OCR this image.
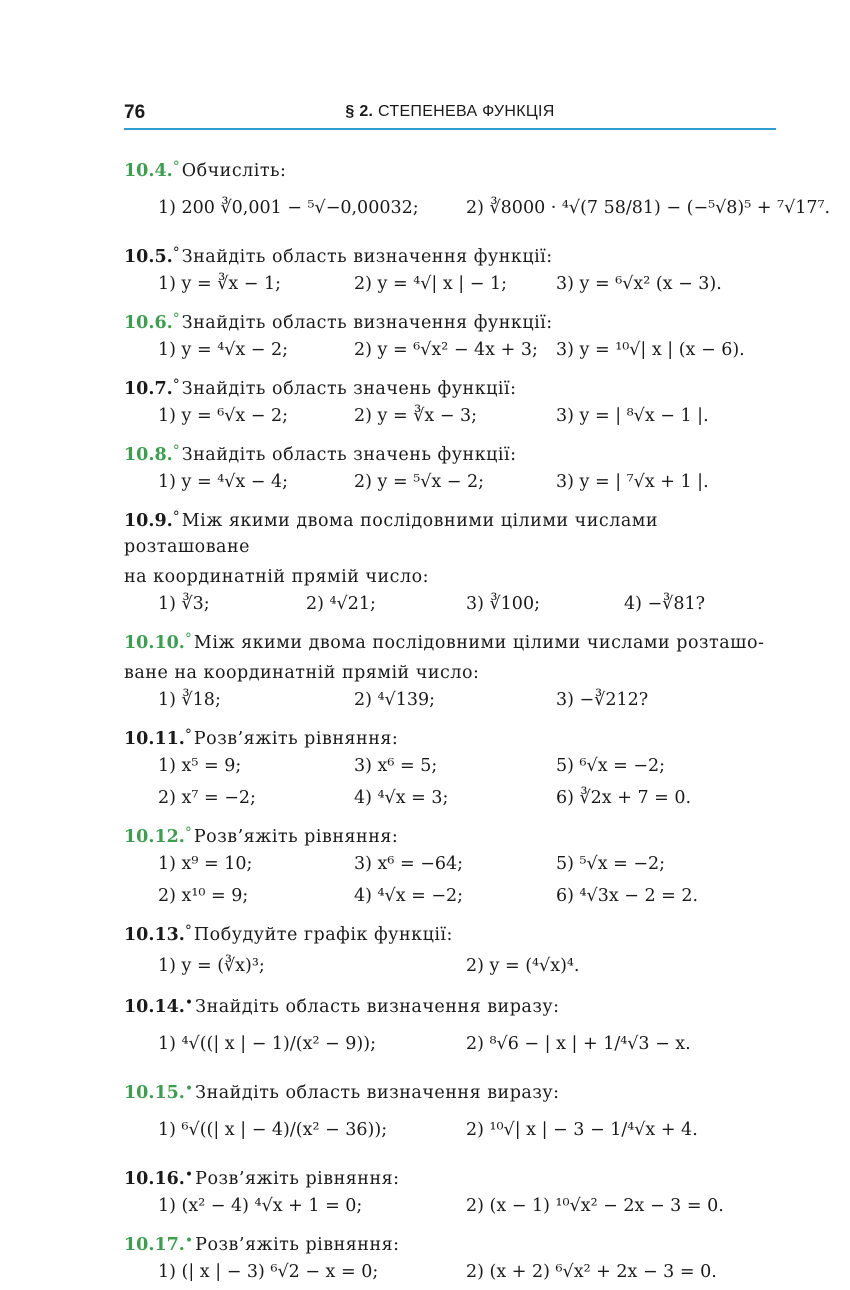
76	§ 2. СТЕПЕНЕВА ФУНКЦІЯ
10.4.° Обчисліть:
1) 200 ∛0,001 − ⁵√−0,00032;	2) ∛8000 · ⁴√(7 58/81) − (−⁵√8)⁵ + ⁷√17⁷.
10.5.° Знайдіть область визначення функції:
1) y = ∛x − 1;	2) y = ⁴√| x | − 1;	3) y = ⁶√x² (x − 3).
10.6.° Знайдіть область визначення функції:
1) y = ⁴√x − 2;	2) y = ⁶√x² − 4x + 3; 3) y = ¹⁰√| x | (x − 6).
10.7.° Знайдіть область значень функції:
1) y = ⁶√x − 2;	2) y = ∛x − 3;	3) y = | ⁸√x − 1 |.
10.8.° Знайдіть область значень функції:
1) y = ⁴√x − 4;	2) y = ⁵√x − 2;	3) y = | ⁷√x + 1 |.
10.9.° Між якими двома послідовними цілими числами розташоване
на координатній прямій число:
1) ∛3;	2) ⁴√21;	3) ∛100;	4) −∛81?
10.10.° Між якими двома послідовними цілими числами розташо-
ване на координатній прямій число:
1) ∛18;	2) ⁴√139;	3) −∛212?
10.11.° Розв’яжіть рівняння:
1) x⁵ = 9;	3) x⁶ = 5;	5) ⁶√x = −2;
2) x⁷ = −2;	4) ⁴√x = 3;	6) ∛2x + 7 = 0.
10.12.° Розв’яжіть рівняння:
1) x⁹ = 10;	3) x⁶ = −64;	5) ⁵√x = −2;
2) x¹⁰ = 9;	4) ⁴√x = −2;	6) ⁴√3x − 2 = 2.
10.13.° Побудуйте графік функції:
1) y = (∛x)³;	2) y = (⁴√x)⁴.
10.14.• Знайдіть область визначення виразу:
1) ⁴√((| x | − 1)/(x² − 9));	2) ⁸√6 − | x | + 1/⁴√3 − x.
10.15.• Знайдіть область визначення виразу:
1) ⁶√((| x | − 4)/(x² − 36));	2) ¹⁰√| x | − 3 − 1/⁴√x + 4.
10.16.• Розв’яжіть рівняння:
1) (x² − 4) ⁴√x + 1 = 0;	2) (x − 1) ¹⁰√x² − 2x − 3 = 0.
10.17.• Розв’яжіть рівняння:
1) (| x | − 3) ⁶√2 − x = 0;	2) (x + 2) ⁶√x² + 2x − 3 = 0.
